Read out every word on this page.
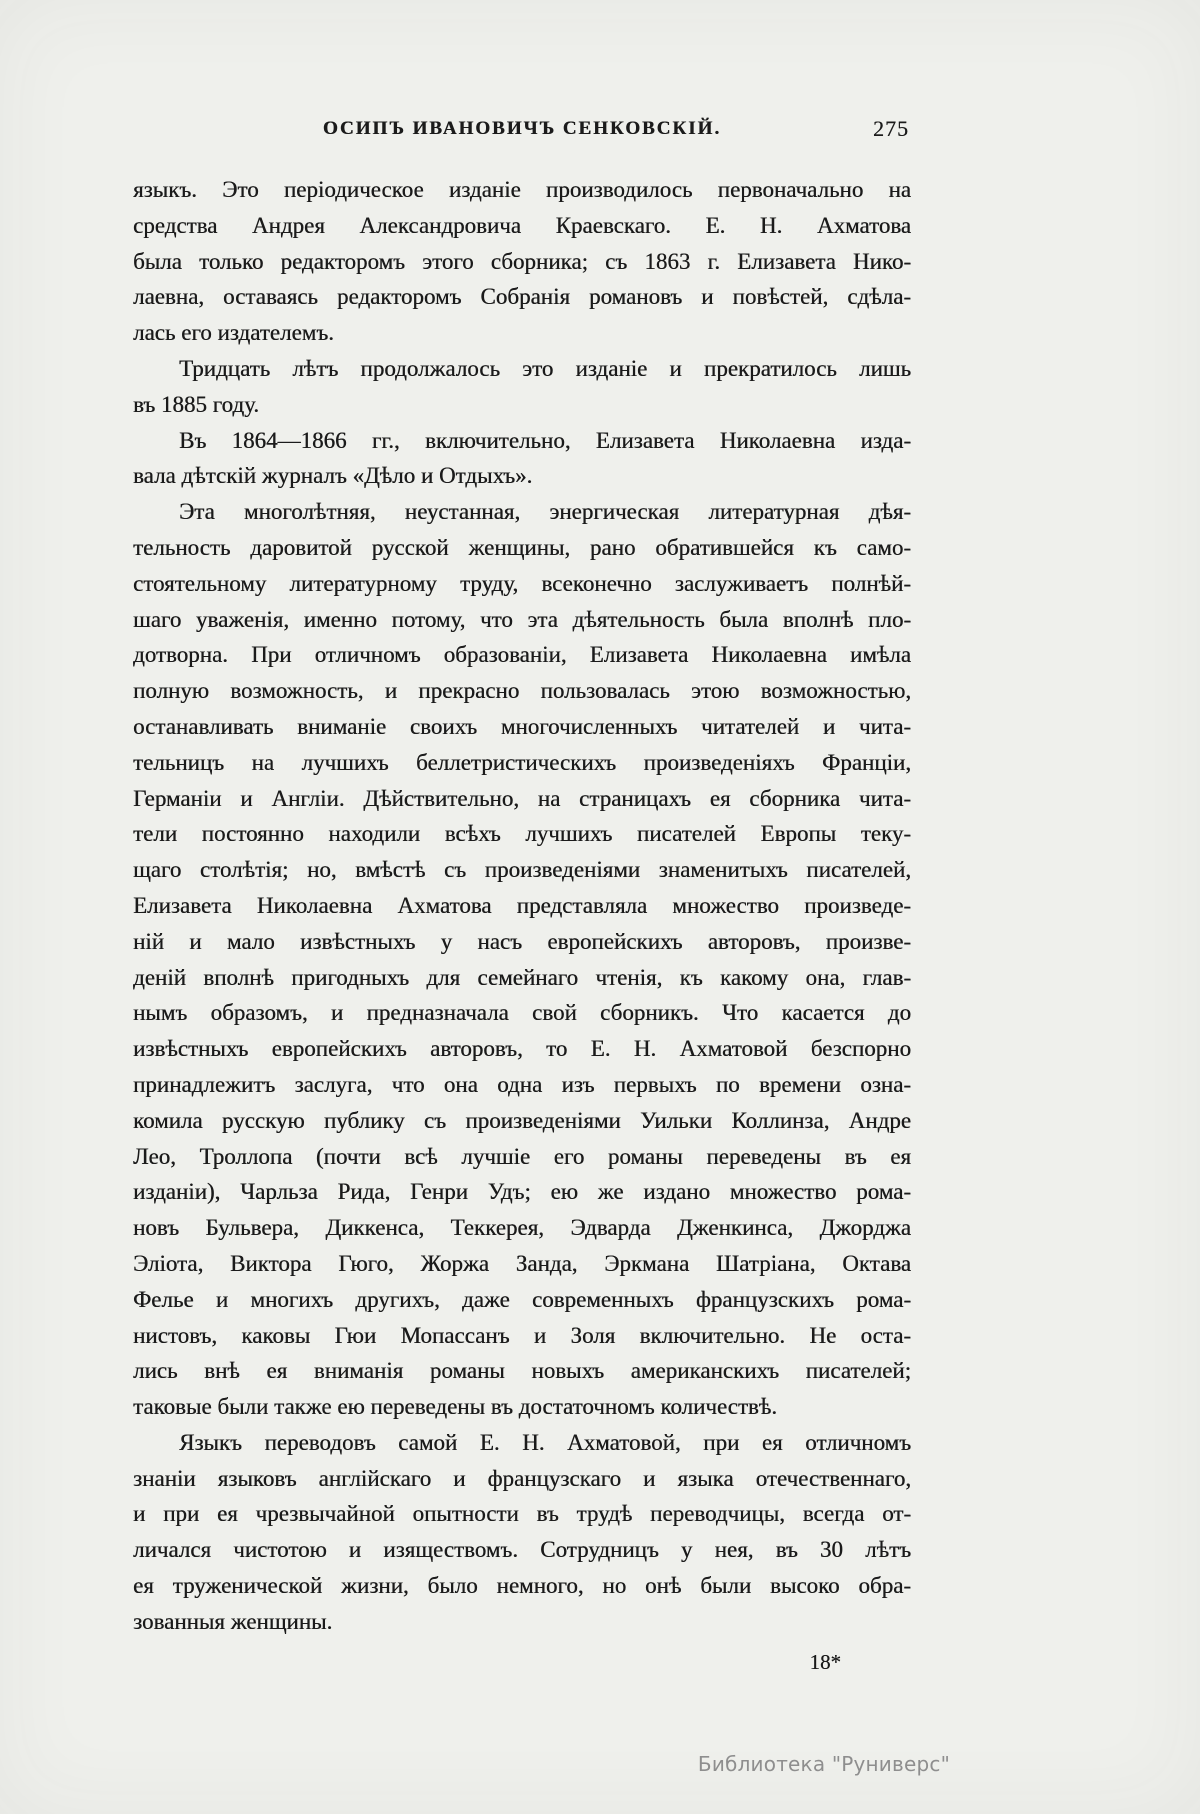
ОСИПЪ ИВАНОВИЧЪ СЕНКОВСКІЙ.	275
языкъ. Это періодическое изданіе производилось первоначально на
средства Андрея Александровича Краевскаго. Е. Н. Ахматова
была только редакторомъ этого сборника; съ 1863 г. Елизавета Нико-
лаевна, оставаясь редакторомъ Собранія романовъ и повѣстей, сдѣла-
лась его издателемъ.
Тридцать лѣтъ продолжалось это изданіе и прекратилось лишь
въ 1885 году.
Въ 1864—1866 гг., включительно, Елизавета Николаевна изда-
вала дѣтскій журналъ «Дѣло и Отдыхъ».
Эта многолѣтняя, неустанная, энергическая литературная дѣя-
тельность даровитой русской женщины, рано обратившейся къ само-
стоятельному литературному труду, всеконечно заслуживаетъ полнѣй-
шаго уваженія, именно потому, что эта дѣятельность была вполнѣ пло-
дотворна. При отличномъ образованіи, Елизавета Николаевна имѣла
полную возможность, и прекрасно пользовалась этою возможностью,
останавливать вниманіе своихъ многочисленныхъ читателей и чита-
тельницъ на лучшихъ беллетристическихъ произведеніяхъ Франціи,
Германіи и Англіи. Дѣйствительно, на страницахъ ея сборника чита-
тели постоянно находили всѣхъ лучшихъ писателей Европы теку-
щаго столѣтія; но, вмѣстѣ съ произведеніями знаменитыхъ писателей,
Елизавета Николаевна Ахматова представляла множество произведе-
ній и мало извѣстныхъ у насъ европейскихъ авторовъ, произве-
деній вполнѣ пригодныхъ для семейнаго чтенія, къ какому она, глав-
нымъ образомъ, и предназначала свой сборникъ. Что касается до
извѣстныхъ европейскихъ авторовъ, то Е. Н. Ахматовой безспорно
принадлежитъ заслуга, что она одна изъ первыхъ по времени озна-
комила русскую публику съ произведеніями Уильки Коллинза, Андре
Лео, Троллопа (почти всѣ лучшіе его романы переведены въ ея
изданіи), Чарльза Рида, Генри Удъ; ею же издано множество рома-
новъ Бульвера, Диккенса, Теккерея, Эдварда Дженкинса, Джорджа
Эліота, Виктора Гюго, Жоржа Занда, Эркмана Шатріана, Октава
Фелье и многихъ другихъ, даже современныхъ французскихъ рома-
нистовъ, каковы Гюи Мопассанъ и Золя включительно. Не оста-
лись внѣ ея вниманія романы новыхъ американскихъ писателей;
таковые были также ею переведены въ достаточномъ количествѣ.
Языкъ переводовъ самой Е. Н. Ахматовой, при ея отличномъ
знаніи языковъ англійскаго и французскаго и языка отечественнаго,
и при ея чрезвычайной опытности въ трудѣ переводчицы, всегда от-
личался чистотою и изяществомъ. Сотрудницъ у нея, въ 30 лѣтъ
ея труженической жизни, было немного, но онѣ были высоко обра-
зованныя женщины.
18*
Библиотека "Руниверс"
